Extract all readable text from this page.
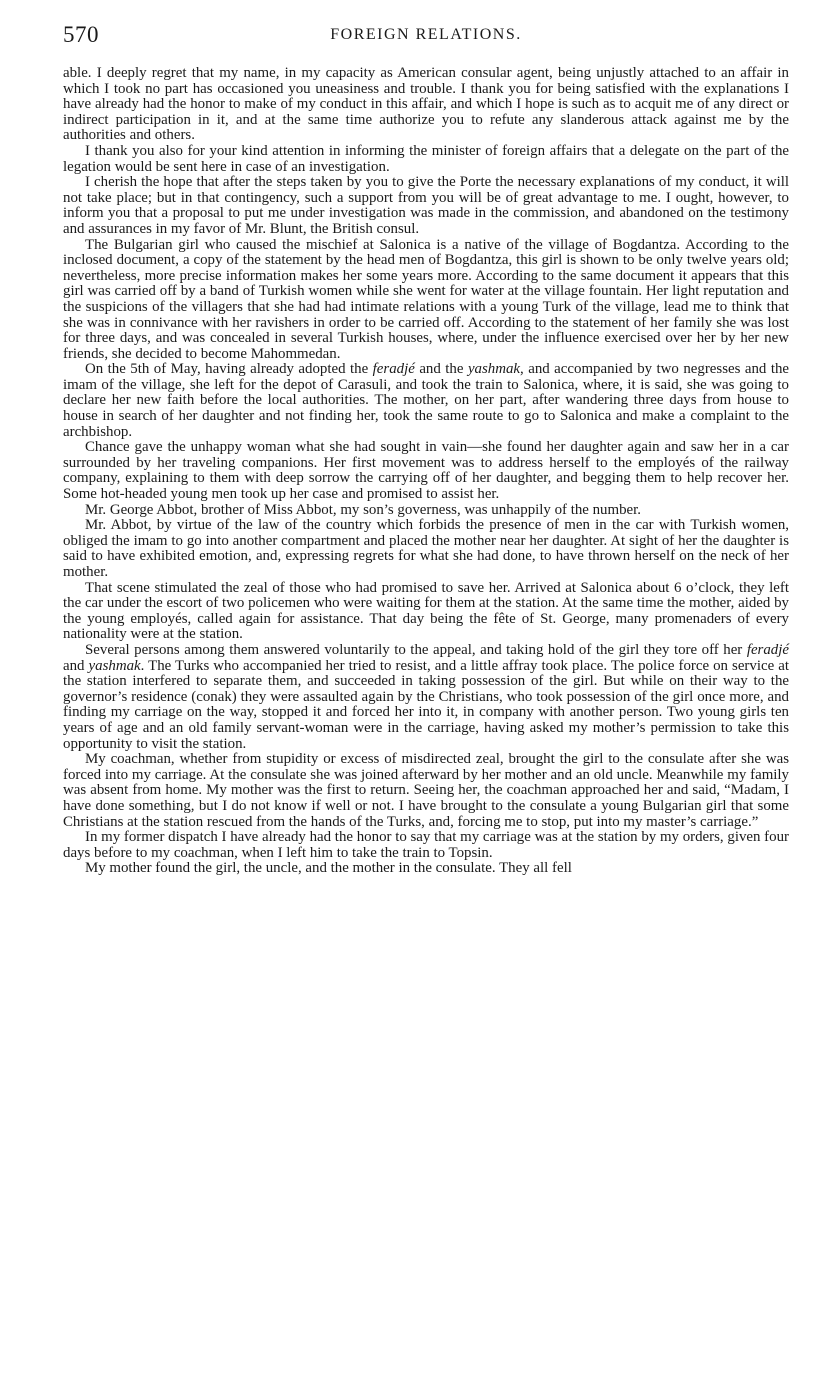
570	FOREIGN RELATIONS.

able. I deeply regret that my name, in my capacity as American consular agent, being unjustly attached to an affair in which I took no part has occasioned you uneasiness and trouble. I thank you for being satisfied with the explanations I have already had the honor to make of my conduct in this affair, and which I hope is such as to acquit me of any direct or indirect participation in it, and at the same time authorize you to refute any slanderous attack against me by the authorities and others.

I thank you also for your kind attention in informing the minister of foreign affairs that a delegate on the part of the legation would be sent here in case of an investigation.

I cherish the hope that after the steps taken by you to give the Porte the necessary explanations of my conduct, it will not take place; but in that contingency, such a support from you will be of great advantage to me. I ought, however, to inform you that a proposal to put me under investigation was made in the commission, and abandoned on the testimony and assurances in my favor of Mr. Blunt, the British consul.

The Bulgarian girl who caused the mischief at Salonica is a native of the village of Bogdantza. According to the inclosed document, a copy of the statement by the head men of Bogdantza, this girl is shown to be only twelve years old; nevertheless, more precise information makes her some years more. According to the same document it appears that this girl was carried off by a band of Turkish women while she went for water at the village fountain. Her light reputation and the suspicions of the villagers that she had had intimate relations with a young Turk of the village, lead me to think that she was in connivance with her ravishers in order to be carried off. According to the statement of her family she was lost for three days, and was concealed in several Turkish houses, where, under the influence exercised over her by her new friends, she decided to become Mahommedan.

On the 5th of May, having already adopted the feradjé and the yashmak, and accompanied by two negresses and the imam of the village, she left for the depot of Carasuli, and took the train to Salonica, where, it is said, she was going to declare her new faith before the local authorities. The mother, on her part, after wandering three days from house to house in search of her daughter and not finding her, took the same route to go to Salonica and make a complaint to the archbishop.

Chance gave the unhappy woman what she had sought in vain—she found her daughter again and saw her in a car surrounded by her traveling companions. Her first movement was to address herself to the employés of the railway company, explaining to them with deep sorrow the carrying off of her daughter, and begging them to help recover her. Some hot-headed young men took up her case and promised to assist her.

Mr. George Abbot, brother of Miss Abbot, my son’s governess, was unhappily of the number.

Mr. Abbot, by virtue of the law of the country which forbids the presence of men in the car with Turkish women, obliged the imam to go into another compartment and placed the mother near her daughter. At sight of her the daughter is said to have exhibited emotion, and, expressing regrets for what she had done, to have thrown herself on the neck of her mother.

That scene stimulated the zeal of those who had promised to save her. Arrived at Salonica about 6 o’clock, they left the car under the escort of two policemen who were waiting for them at the station. At the same time the mother, aided by the young employés, called again for assistance. That day being the fête of St. George, many promenaders of every nationality were at the station.

Several persons among them answered voluntarily to the appeal, and taking hold of the girl they tore off her feradjé and yashmak. The Turks who accompanied her tried to resist, and a little affray took place. The police force on service at the station interfered to separate them, and succeeded in taking possession of the girl. But while on their way to the governor’s residence (conak) they were assaulted again by the Christians, who took possession of the girl once more, and finding my carriage on the way, stopped it and forced her into it, in company with another person. Two young girls ten years of age and an old family servant-woman were in the carriage, having asked my mother’s permission to take this opportunity to visit the station.

My coachman, whether from stupidity or excess of misdirected zeal, brought the girl to the consulate after she was forced into my carriage. At the consulate she was joined afterward by her mother and an old uncle. Meanwhile my family was absent from home. My mother was the first to return. Seeing her, the coachman approached her and said, “Madam, I have done something, but I do not know if well or not. I have brought to the consulate a young Bulgarian girl that some Christians at the station rescued from the hands of the Turks, and, forcing me to stop, put into my master’s carriage.”

In my former dispatch I have already had the honor to say that my carriage was at the station by my orders, given four days before to my coachman, when I left him to take the train to Topsin.

My mother found the girl, the uncle, and the mother in the consulate. They all fell
